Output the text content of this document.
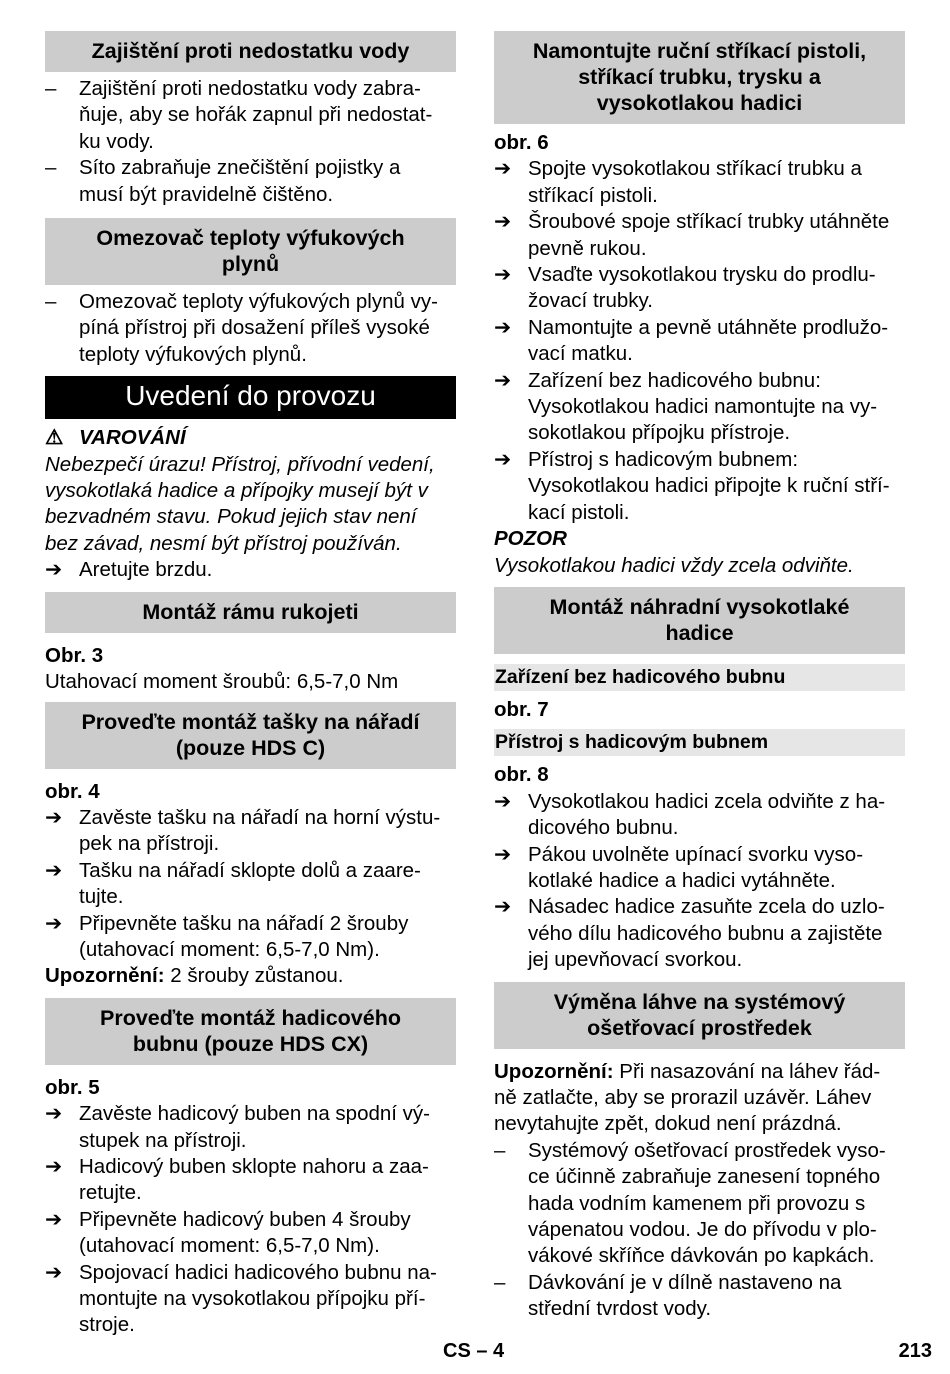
Zajištění proti nedostatku vody
–	Zajištění proti nedostatku vody zabra-
ňuje, aby se hořák zapnul při nedostat-
ku vody.
–	Síto zabraňuje znečištění pojistky a
musí být pravidelně čištěno.
Omezovač teploty výfukových
plynů
–	Omezovač teploty výfukových plynů vy-
píná přístroj při dosažení příleš vysoké
teploty výfukových plynů.
Uvedení do provozu
⚠ VAROVÁNÍ
Nebezpečí úrazu! Přístroj, přívodní vedení,
vysokotlaká hadice a přípojky musejí být v
bezvadném stavu. Pokud jejich stav není
bez závad, nesmí být přístroj používán.
➔ Aretujte brzdu.
Montáž rámu rukojeti
Obr. 3
Utahovací moment šroubů: 6,5-7,0 Nm
Proveďte montáž tašky na nářadí
(pouze HDS C)
obr. 4
➔ Zavěste tašku na nářadí na horní výstu-
pek na přístroji.
➔ Tašku na nářadí sklopte dolů a zaare-
tujte.
➔ Připevněte tašku na nářadí 2 šrouby
(utahovací moment: 6,5-7,0 Nm).
Upozornění: 2 šrouby zůstanou.
Proveďte montáž hadicového
bubnu (pouze HDS CX)
obr. 5
➔ Zavěste hadicový buben na spodní vý-
stupek na přístroji.
➔ Hadicový buben sklopte nahoru a zaa-
retujte.
➔ Připevněte hadicový buben 4 šrouby
(utahovací moment: 6,5-7,0 Nm).
➔ Spojovací hadici hadicového bubnu na-
montujte na vysokotlakou přípojku pří-
stroje.
Namontujte ruční stříkací pistoli,
stříkací trubku, trysku a
vysokotlakou hadici
obr. 6
➔ Spojte vysokotlakou stříkací trubku a
stříkací pistoli.
➔ Šroubové spoje stříkací trubky utáhněte
pevně rukou.
➔ Vsaďte vysokotlakou trysku do prodlu-
žovací trubky.
➔ Namontujte a pevně utáhněte prodlužo-
vací matku.
➔ Zařízení bez hadicového bubnu:
Vysokotlakou hadici namontujte na vy-
sokotlakou přípojku přístroje.
➔ Přístroj s hadicovým bubnem:
Vysokotlakou hadici připojte k ruční stří-
kací pistoli.
POZOR
Vysokotlakou hadici vždy zcela odviňte.
Montáž náhradní vysokotlaké
hadice
Zařízení bez hadicového bubnu
obr. 7
Přístroj s hadicovým bubnem
obr. 8
➔ Vysokotlakou hadici zcela odviňte z ha-
dicového bubnu.
➔ Pákou uvolněte upínací svorku vyso-
kotlaké hadice a hadici vytáhněte.
➔ Násadec hadice zasuňte zcela do uzlo-
vého dílu hadicového bubnu a zajistěte
jej upevňovací svorkou.
Výměna láhve na systémový
ošetřovací prostředek
Upozornění: Při nasazování na láhev řád-
ně zatlačte, aby se prorazil uzávěr. Láhev
nevytahujte zpět, dokud není prázdná.
–	Systémový ošetřovací prostředek vyso-
ce účinně zabraňuje zanesení topného
hada vodním kamenem při provozu s
vápenatou vodou. Je do přívodu v plo-
vákové skříňce dávkován po kapkách.
–	Dávkování je v dílně nastaveno na
střední tvrdost vody.
CS – 4	213
